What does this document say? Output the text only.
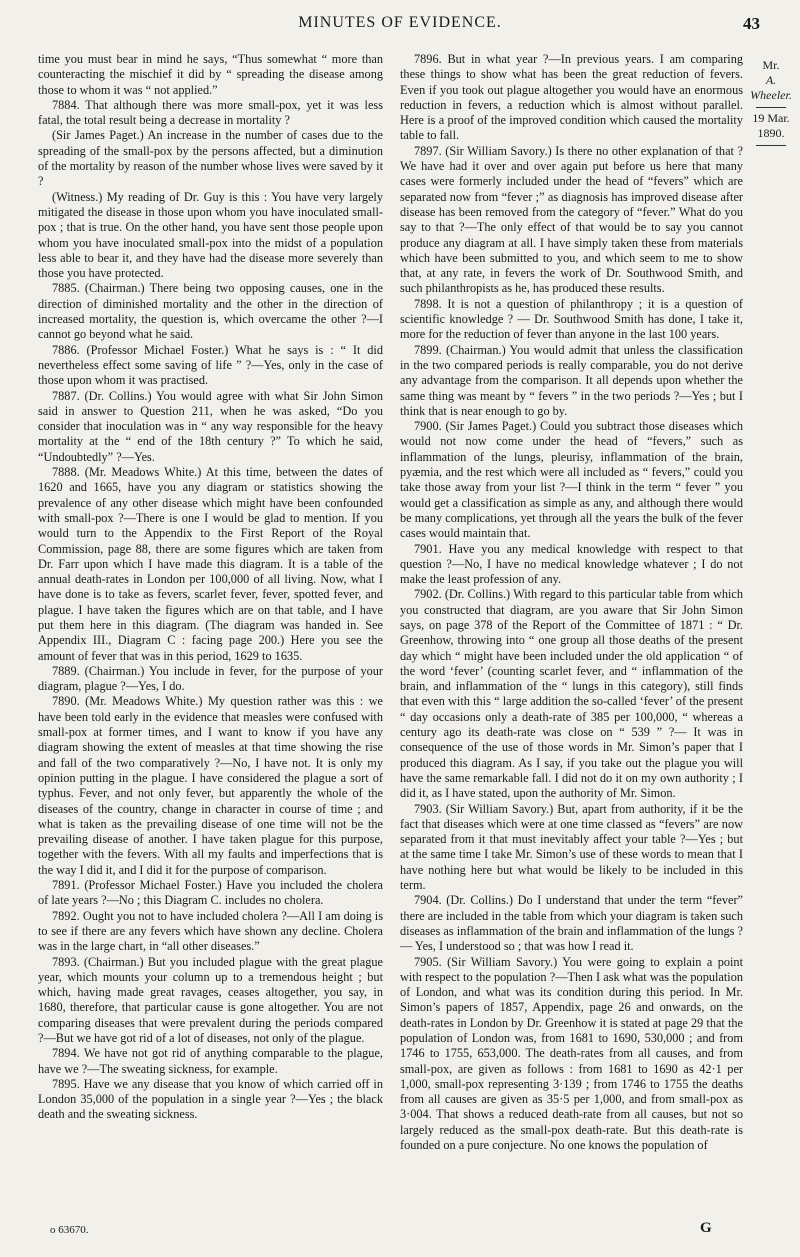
MINUTES OF EVIDENCE.	43

time you must bear in mind he says, “Thus somewhat “ more than counteracting the mischief it did by “ spreading the disease among those to whom it was “ not applied.”

7884. That although there was more small-pox, yet it was less fatal, the total result being a decrease in mortality ?

(Sir James Paget.) An increase in the number of cases due to the spreading of the small-pox by the persons affected, but a diminution of the mortality by reason of the number whose lives were saved by it ?

(Witness.) My reading of Dr. Guy is this : You have very largely mitigated the disease in those upon whom you have inoculated small-pox ; that is true. On the other hand, you have sent those people upon whom you have inoculated small-pox into the midst of a population less able to bear it, and they have had the disease more severely than those you have protected.

7885. (Chairman.) There being two opposing causes, one in the direction of diminished mortality and the other in the direction of increased mortality, the question is, which overcame the other ?—I cannot go beyond what he said.

7886. (Professor Michael Foster.) What he says is : “ It did nevertheless effect some saving of life ” ?—Yes, only in the case of those upon whom it was practised.

7887. (Dr. Collins.) You would agree with what Sir John Simon said in answer to Question 211, when he was asked, “Do you consider that inoculation was in “ any way responsible for the heavy mortality at the “ end of the 18th century ?” To which he said, “Undoubtedly” ?—Yes.

7888. (Mr. Meadows White.) At this time, between the dates of 1620 and 1665, have you any diagram or statistics showing the prevalence of any other disease which might have been confounded with small-pox ?—There is one I would be glad to mention. If you would turn to the Appendix to the First Report of the Royal Commission, page 88, there are some figures which are taken from Dr. Farr upon which I have made this diagram. It is a table of the annual death-rates in London per 100,000 of all living. Now, what I have done is to take as fevers, scarlet fever, fever, spotted fever, and plague. I have taken the figures which are on that table, and I have put them here in this diagram. (The diagram was handed in. See Appendix III., Diagram C : facing page 200.) Here you see the amount of fever that was in this period, 1629 to 1635.

7889. (Chairman.) You include in fever, for the purpose of your diagram, plague ?—Yes, I do.

7890. (Mr. Meadows White.) My question rather was this : we have been told early in the evidence that measles were confused with small-pox at former times, and I want to know if you have any diagram showing the extent of measles at that time showing the rise and fall of the two comparatively ?—No, I have not. It is only my opinion putting in the plague. I have considered the plague a sort of typhus. Fever, and not only fever, but apparently the whole of the diseases of the country, change in character in course of time ; and what is taken as the prevailing disease of one time will not be the prevailing disease of another. I have taken plague for this purpose, together with the fevers. With all my faults and imperfections that is the way I did it, and I did it for the purpose of comparison.

7891. (Professor Michael Foster.) Have you included the cholera of late years ?—No ; this Diagram C. includes no cholera.

7892. Ought you not to have included cholera ?—All I am doing is to see if there are any fevers which have shown any decline. Cholera was in the large chart, in “all other diseases.”

7893. (Chairman.) But you included plague with the great plague year, which mounts your column up to a tremendous height ; but which, having made great ravages, ceases altogether, you say, in 1680, therefore, that particular cause is gone altogether. You are not comparing diseases that were prevalent during the periods compared ?—But we have got rid of a lot of diseases, not only of the plague.

7894. We have not got rid of anything comparable to the plague, have we ?—The sweating sickness, for example.

7895. Have we any disease that you know of which carried off in London 35,000 of the population in a single year ?—Yes ; the black death and the sweating sickness.

7896. But in what year ?—In previous years. I am comparing these things to show what has been the great reduction of fevers. Even if you took out plague altogether you would have an enormous reduction in fevers, a reduction which is almost without parallel. Here is a proof of the improved condition which caused the mortality table to fall.

7897. (Sir William Savory.) Is there no other explanation of that ? We have had it over and over again put before us here that many cases were formerly included under the head of “fevers” which are separated now from “fever ;” as diagnosis has improved disease after disease has been removed from the category of “fever.” What do you say to that ?—The only effect of that would be to say you cannot produce any diagram at all. I have simply taken these from materials which have been submitted to you, and which seem to me to show that, at any rate, in fevers the work of Dr. Southwood Smith, and such philanthropists as he, has produced these results.

7898. It is not a question of philanthropy ; it is a question of scientific knowledge ? — Dr. Southwood Smith has done, I take it, more for the reduction of fever than anyone in the last 100 years.

7899. (Chairman.) You would admit that unless the classification in the two compared periods is really comparable, you do not derive any advantage from the comparison. It all depends upon whether the same thing was meant by “ fevers ” in the two periods ?—Yes ; but I think that is near enough to go by.

7900. (Sir James Paget.) Could you subtract those diseases which would not now come under the head of “fevers,” such as inflammation of the lungs, pleurisy, inflammation of the brain, pyæmia, and the rest which were all included as “ fevers,” could you take those away from your list ?—I think in the term “ fever ” you would get a classification as simple as any, and although there would be many complications, yet through all the years the bulk of the fever cases would maintain that.

7901. Have you any medical knowledge with respect to that question ?—No, I have no medical knowledge whatever ; I do not make the least profession of any.

7902. (Dr. Collins.) With regard to this particular table from which you constructed that diagram, are you aware that Sir John Simon says, on page 378 of the Report of the Committee of 1871 : “ Dr. Greenhow, throwing into “ one group all those deaths of the present day which “ might have been included under the old application “ of the word ‘fever’ (counting scarlet fever, and “ inflammation of the brain, and inflammation of the “ lungs in this category), still finds that even with this “ large addition the so-called ‘fever’ of the present “ day occasions only a death-rate of 385 per 100,000, “ whereas a century ago its death-rate was close on “ 539 ” ?— It was in consequence of the use of those words in Mr. Simon’s paper that I produced this diagram. As I say, if you take out the plague you will have the same remarkable fall. I did not do it on my own authority ; I did it, as I have stated, upon the authority of Mr. Simon.

7903. (Sir William Savory.) But, apart from authority, if it be the fact that diseases which were at one time classed as “fevers” are now separated from it that must inevitably affect your table ?—Yes ; but at the same time I take Mr. Simon’s use of these words to mean that I have nothing here but what would be likely to be included in this term.

7904. (Dr. Collins.) Do I understand that under the term “fever” there are included in the table from which your diagram is taken such diseases as inflammation of the brain and inflammation of the lungs ? — Yes, I understood so ; that was how I read it.

7905. (Sir William Savory.) You were going to explain a point with respect to the population ?—Then I ask what was the population of London, and what was its condition during this period. In Mr. Simon’s papers of 1857, Appendix, page 26 and onwards, on the death-rates in London by Dr. Greenhow it is stated at page 29 that the population of London was, from 1681 to 1690, 530,000 ; and from 1746 to 1755, 653,000. The death-rates from all causes, and from small-pox, are given as follows : from 1681 to 1690 as 42·1 per 1,000, small-pox representing 3·139 ; from 1746 to 1755 the deaths from all causes are given as 35·5 per 1,000, and from small-pox as 3·004. That shows a reduced death-rate from all causes, but not so largely reduced as the small-pox death-rate. But this death-rate is founded on a pure conjecture. No one knows the population of

Mr.
A. Wheeler.
19 Mar. 1890.
o 63670.	G
